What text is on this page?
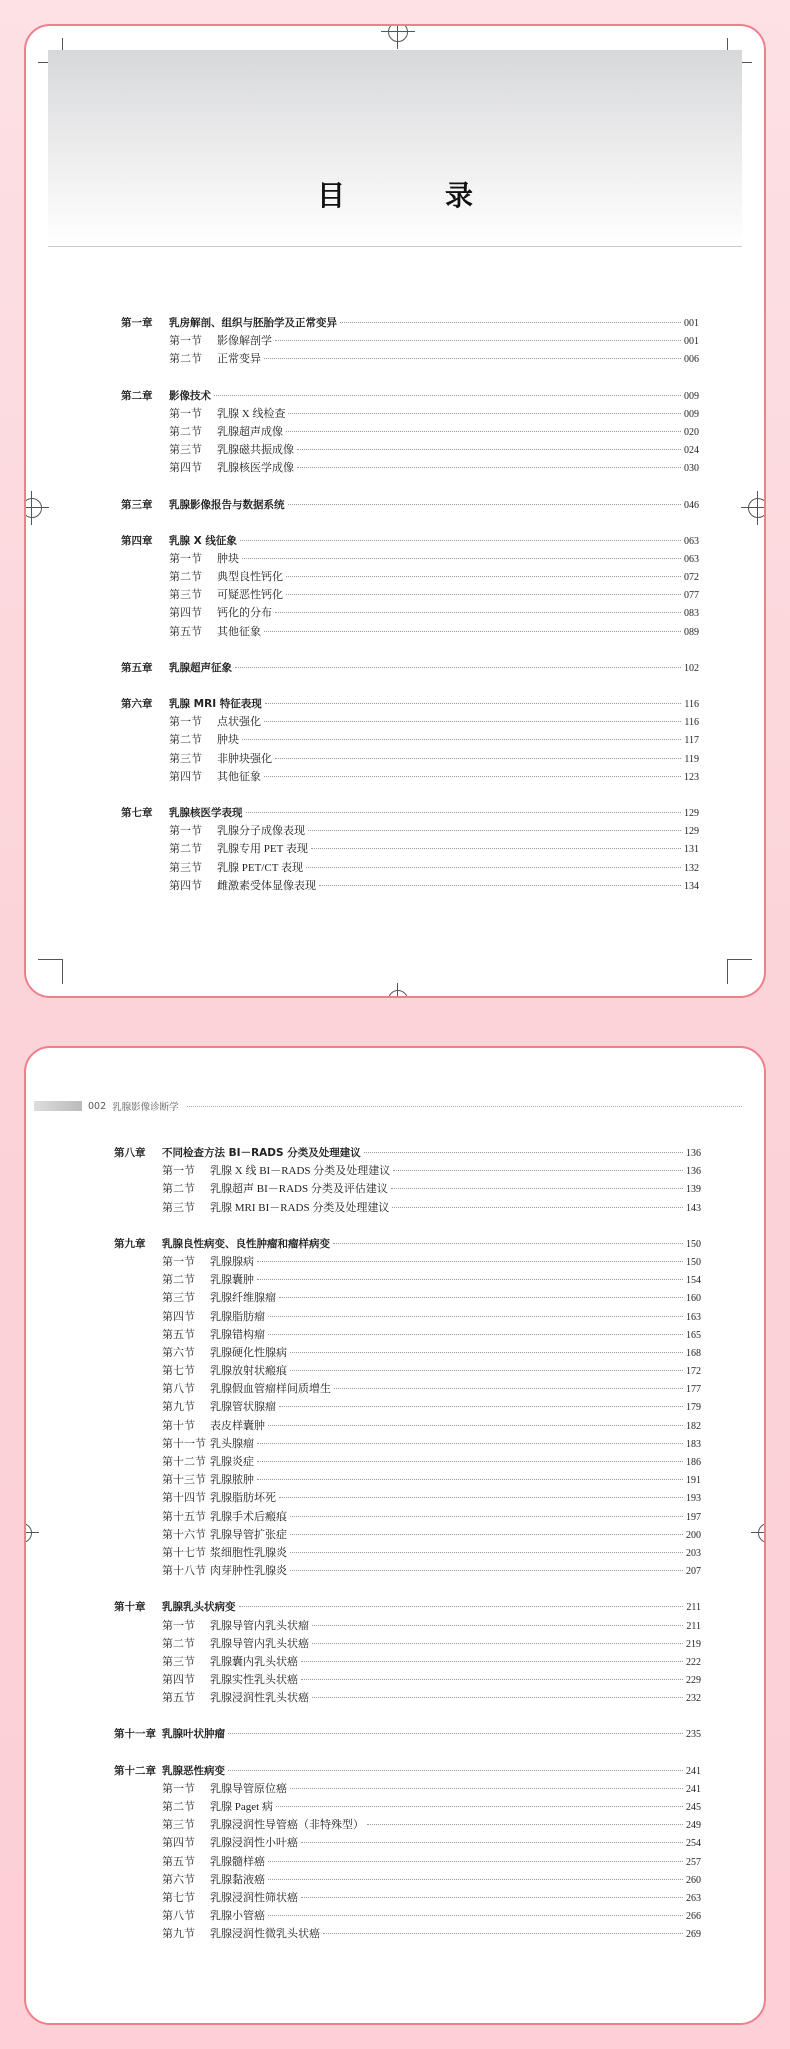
目　录
第一章 乳房解剖、组织与胚胎学及正常变异	001
第一节 影像解剖学	001
第二节 正常变异	006
第二章 影像技术	009
第一节 乳腺 X 线检查	009
第二节 乳腺超声成像	020
第三节 乳腺磁共振成像	024
第四节 乳腺核医学成像	030
第三章 乳腺影像报告与数据系统	046
第四章 乳腺 X 线征象	063
第一节 肿块	063
第二节 典型良性钙化	072
第三节 可疑恶性钙化	077
第四节 钙化的分布	083
第五节 其他征象	089
第五章 乳腺超声征象	102
第六章 乳腺 MRI 特征表现	116
第一节 点状强化	116
第二节 肿块	117
第三节 非肿块强化	119
第四节 其他征象	123
第七章 乳腺核医学表现	129
第一节 乳腺分子成像表现	129
第二节 乳腺专用 PET 表现	131
第三节 乳腺 PET/CT 表现	132
第四节 雌激素受体显像表现	134
002 乳腺影像诊断学
第八章 不同检查方法 BI－RADS 分类及处理建议	136
第一节 乳腺 X 线 BI－RADS 分类及处理建议	136
第二节 乳腺超声 BI－RADS 分类及评估建议	139
第三节 乳腺 MRI BI－RADS 分类及处理建议	143
第九章 乳腺良性病变、良性肿瘤和瘤样病变	150
第一节 乳腺腺病	150
第二节 乳腺囊肿	154
第三节 乳腺纤维腺瘤	160
第四节 乳腺脂肪瘤	163
第五节 乳腺错构瘤	165
第六节 乳腺硬化性腺病	168
第七节 乳腺放射状瘢痕	172
第八节 乳腺假血管瘤样间质增生	177
第九节 乳腺管状腺瘤	179
第十节 表皮样囊肿	182
第十一节 乳头腺瘤	183
第十二节 乳腺炎症	186
第十三节 乳腺脓肿	191
第十四节 乳腺脂肪坏死	193
第十五节 乳腺手术后瘢痕	197
第十六节 乳腺导管扩张症	200
第十七节 浆细胞性乳腺炎	203
第十八节 肉芽肿性乳腺炎	207
第十章 乳腺乳头状病变	211
第一节 乳腺导管内乳头状瘤	211
第二节 乳腺导管内乳头状癌	219
第三节 乳腺囊内乳头状癌	222
第四节 乳腺实性乳头状癌	229
第五节 乳腺浸润性乳头状癌	232
第十一章 乳腺叶状肿瘤	235
第十二章 乳腺恶性病变	241
第一节 乳腺导管原位癌	241
第二节 乳腺 Paget 病	245
第三节 乳腺浸润性导管癌（非特殊型）	249
第四节 乳腺浸润性小叶癌	254
第五节 乳腺髓样癌	257
第六节 乳腺黏液癌	260
第七节 乳腺浸润性筛状癌	263
第八节 乳腺小管癌	266
第九节 乳腺浸润性微乳头状癌	269
